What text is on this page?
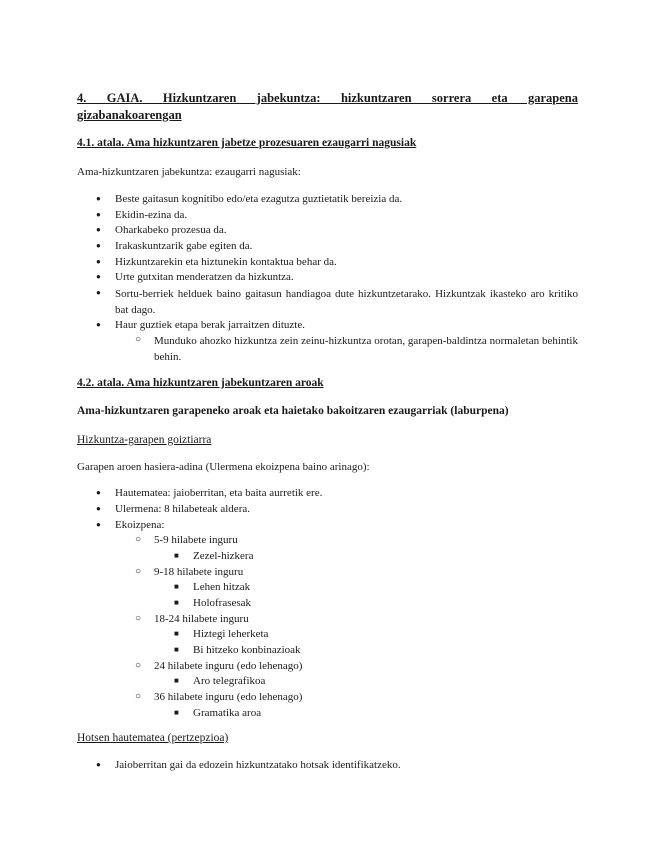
4. GAIA. Hizkuntzaren jabekuntza: hizkuntzaren sorrera eta garapena
gizabanakoarengan
4.1. atala. Ama hizkuntzaren jabetze prozesuaren ezaugarri nagusiak
Ama-hizkuntzaren jabekuntza: ezaugarri nagusiak:
● Beste gaitasun kognitibo edo/eta ezagutza guztietatik bereizia da.
● Ekidin-ezina da.
● Oharkabeko prozesua da.
● Irakaskuntzarik gabe egiten da.
● Hizkuntzarekin eta hiztunekin kontaktua behar da.
● Urte gutxitan menderatzen da hizkuntza.
● Sortu-berriek helduek baino gaitasun handiagoa dute hizkuntzetarako. Hizkuntzak ikasteko aro kritiko bat dago.
● Haur guztiek etapa berak jarraitzen dituzte.
○ Munduko ahozko hizkuntza zein zeinu-hizkuntza orotan, garapen-baldintza normaletan behintik behin.
4.2. atala. Ama hizkuntzaren jabekuntzaren aroak
Ama-hizkuntzaren garapeneko aroak eta haietako bakoitzaren ezaugarriak (laburpena)
Hizkuntza-garapen goiztiarra
Garapen aroen hasiera-adina (Ulermena ekoizpena baino arinago):
● Hautematea: jaioberritan, eta baita aurretik ere.
● Ulermena: 8 hilabeteak aldera.
● Ekoizpena:
○ 5-9 hilabete inguru
■ Zezel-hizkera
○ 9-18 hilabete inguru
■ Lehen hitzak
■ Holofrasesak
○ 18-24 hilabete inguru
■ Hiztegi leherketa
■ Bi hitzeko konbinazioak
○ 24 hilabete inguru (edo lehenago)
■ Aro telegrafikoa
○ 36 hilabete inguru (edo lehenago)
■ Gramatika aroa
Hotsen hautematea (pertzepzioa)
● Jaioberritan gai da edozein hizkuntzatako hotsak identifikatzeko.
